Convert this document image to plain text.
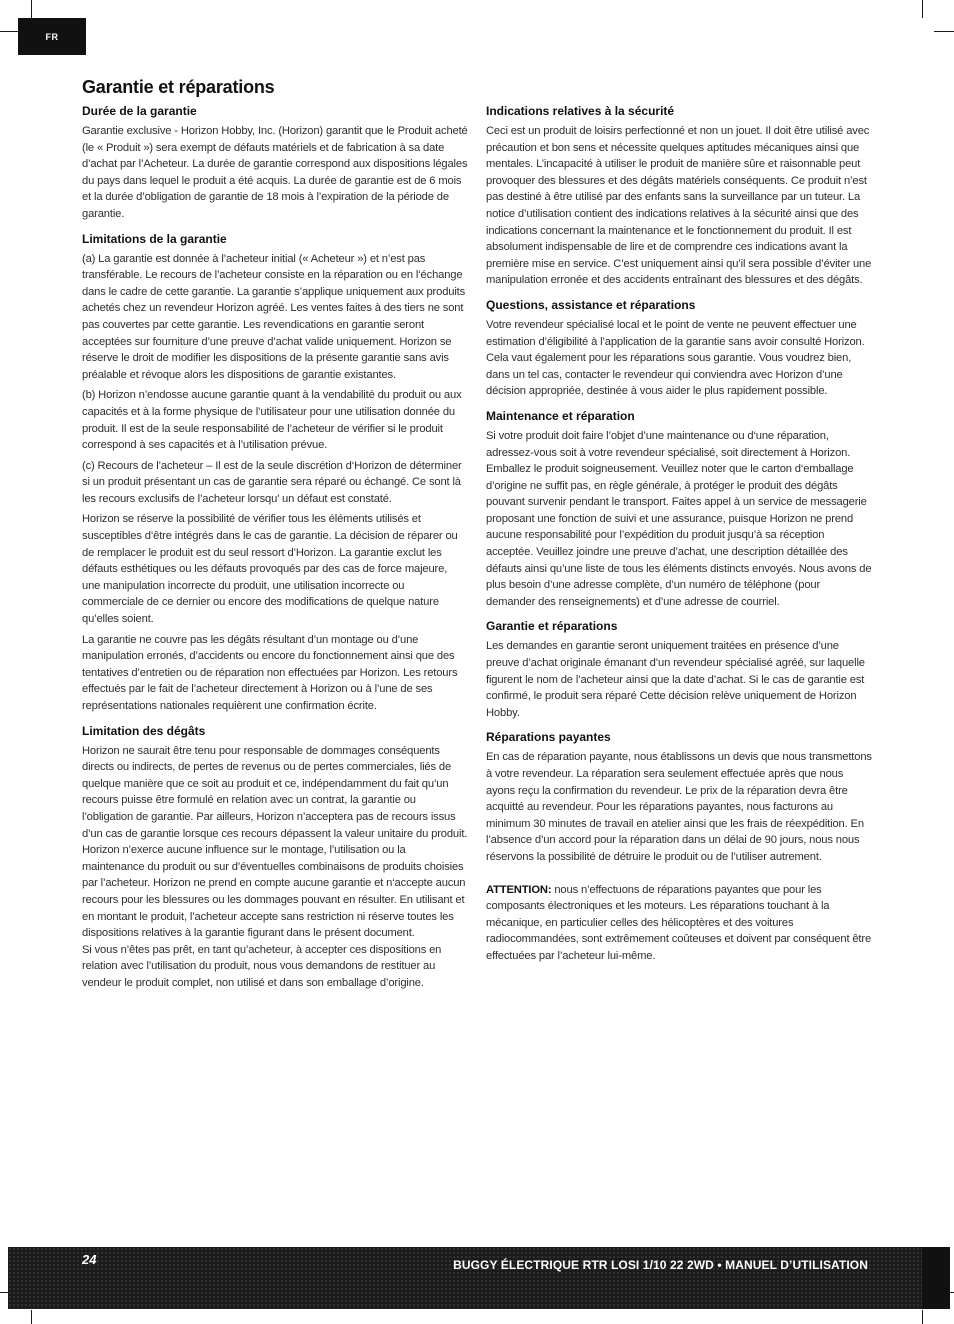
FR
Garantie et réparations
Durée de la garantie

Garantie exclusive - Horizon Hobby, Inc. (Horizon) garantit que le Produit acheté (le « Produit ») sera exempt de défauts matériels et de fabrication à sa date d’achat par l’Acheteur. La durée de garantie correspond aux dispositions légales du pays dans lequel le produit a été acquis. La durée de garantie est de 6 mois et la durée d’obligation de garantie de 18 mois à l’expiration de la période de garantie.

Limitations de la garantie

(a) La garantie est donnée à l’acheteur initial (« Acheteur ») et n’est pas transférable. Le recours de l’acheteur consiste en la réparation ou en l‘échange dans le cadre de cette garantie. La garantie s’applique uniquement aux produits achetés chez un revendeur Horizon agréé. Les ventes faites à des tiers ne sont pas couvertes par cette garantie. Les revendications en garantie seront acceptées sur fourniture d’une preuve d’achat valide uniquement. Horizon se réserve le droit de modifier les dispositions de la présente garantie sans avis préalable et révoque alors les dispositions de garantie existantes.

(b) Horizon n’endosse aucune garantie quant à la vendabilité du produit ou aux capacités et à la forme physique de l’utilisateur pour une utilisation donnée du produit. Il est de la seule responsabilité de l’acheteur de vérifier si le produit correspond à ses capacités et à l’utilisation prévue.

(c) Recours de l’acheteur – Il est de la seule discrétion d‘Horizon de déterminer si un produit présentant un cas de garantie sera réparé ou échangé. Ce sont là les recours exclusifs de l’acheteur lorsqu’ un défaut est constaté.

Horizon se réserve la possibilité de vérifier tous les éléments utilisés et susceptibles d’être intégrés dans le cas de garantie. La décision de réparer ou de remplacer le produit est du seul ressort d’Horizon. La garantie exclut les défauts esthétiques ou les défauts provoqués par des cas de force majeure, une manipulation incorrecte du produit, une utilisation incorrecte ou commerciale de ce dernier ou encore des modifications de quelque nature qu’elles soient.

La garantie ne couvre pas les dégâts résultant d’un montage ou d’une manipulation erronés, d’accidents ou encore du fonctionnement ainsi que des tentatives d’entretien ou de réparation non effectuées par Horizon. Les retours effectués par le fait de l’acheteur directement à Horizon ou à l’une de ses représentations nationales requièrent une confirmation écrite.

Limitation des dégâts

Horizon ne saurait être tenu pour responsable de dommages conséquents directs ou indirects, de pertes de revenus ou de pertes commerciales, liés de quelque manière que ce soit au produit et ce, indépendamment du fait qu’un recours puisse être formulé en relation avec un contrat, la garantie ou l’obligation de garantie. Par ailleurs, Horizon n’acceptera pas de recours issus d’un cas de garantie lorsque ces recours dépassent la valeur unitaire du produit. Horizon n’exerce aucune influence sur le montage, l’utilisation ou la maintenance du produit ou sur d’éventuelles combinaisons de produits choisies par l’acheteur. Horizon ne prend en compte aucune garantie et n‘accepte aucun recours pour les blessures ou les dommages pouvant en résulter. En utilisant et en montant le produit, l’acheteur accepte sans restriction ni réserve toutes les dispositions relatives à la garantie figurant dans le présent document.

Si vous n’êtes pas prêt, en tant qu’acheteur, à accepter ces dispositions en relation avec l’utilisation du produit, nous vous demandons de restituer au vendeur le produit complet, non utilisé et dans son emballage d’origine.

Indications relatives à la sécurité

Ceci est un produit de loisirs perfectionné et non un jouet. Il doit être utilisé avec précaution et bon sens et nécessite quelques aptitudes mécaniques ainsi que mentales. L’incapacité à utiliser le produit de manière sûre et raisonnable peut provoquer des blessures et des dégâts matériels conséquents. Ce produit n’est pas destiné à être utilisé par des enfants sans la surveillance par un tuteur. La notice d’utilisation contient des indications relatives à la sécurité ainsi que des indications concernant la maintenance et le fonctionnement du produit. Il est absolument indispensable de lire et de comprendre ces indications avant la première mise en service. C’est uniquement ainsi qu’il sera possible d’éviter une manipulation erronée et des accidents entraînant des blessures et des dégâts.

Questions, assistance et réparations

Votre revendeur spécialisé local et le point de vente ne peuvent effectuer une estimation d’éligibilité à l’application de la garantie sans avoir consulté Horizon. Cela vaut également pour les réparations sous garantie. Vous voudrez bien, dans un tel cas, contacter le revendeur qui conviendra avec Horizon d’une décision appropriée, destinée à vous aider le plus rapidement possible.

Maintenance et réparation

Si votre produit doit faire l’objet d’une maintenance ou d‘une réparation, adressez-vous soit à votre revendeur spécialisé, soit directement à Horizon. Emballez le produit soigneusement. Veuillez noter que le carton d‘emballage d’origine ne suffit pas, en règle générale, à protéger le produit des dégâts pouvant survenir pendant le transport. Faites appel à un service de messagerie proposant une fonction de suivi et une assurance, puisque Horizon ne prend aucune responsabilité pour l’expédition du produit jusqu’à sa réception acceptée. Veuillez joindre une preuve d’achat, une description détaillée des défauts ainsi qu’une liste de tous les éléments distincts envoyés. Nous avons de plus besoin d’une adresse complète, d’un numéro de téléphone (pour demander des renseignements) et d’une adresse de courriel.

Garantie et réparations

Les demandes en garantie seront uniquement traitées en présence d’une preuve d’achat originale émanant d’un revendeur spécialisé agréé, sur laquelle figurent le nom de l’acheteur ainsi que la date d’achat. Si le cas de garantie est confirmé, le produit sera réparé Cette décision relève uniquement de Horizon Hobby.

Réparations payantes

En cas de réparation payante, nous établissons un devis que nous transmettons à votre revendeur. La réparation sera seulement effectuée après que nous ayons reçu la confirmation du revendeur. Le prix de la réparation devra être acquitté au revendeur. Pour les réparations payantes, nous facturons au minimum 30 minutes de travail en atelier ainsi que les frais de réexpédition. En l’absence d’un accord pour la réparation dans un délai de 90 jours, nous nous réservons la possibilité de détruire le produit ou de l’utiliser autrement.

ATTENTION: nous n’effectuons de réparations payantes que pour les composants électroniques et les moteurs. Les réparations touchant à la mécanique, en particulier celles des hélicoptères et des voitures radiocommandées, sont extrêmement coûteuses et doivent par conséquent être effectuées par l’acheteur lui-même.

24	BUGGY ÉLECTRIQUE RTR LOSI 1/10 22 2WD • MANUEL D’UTILISATION
